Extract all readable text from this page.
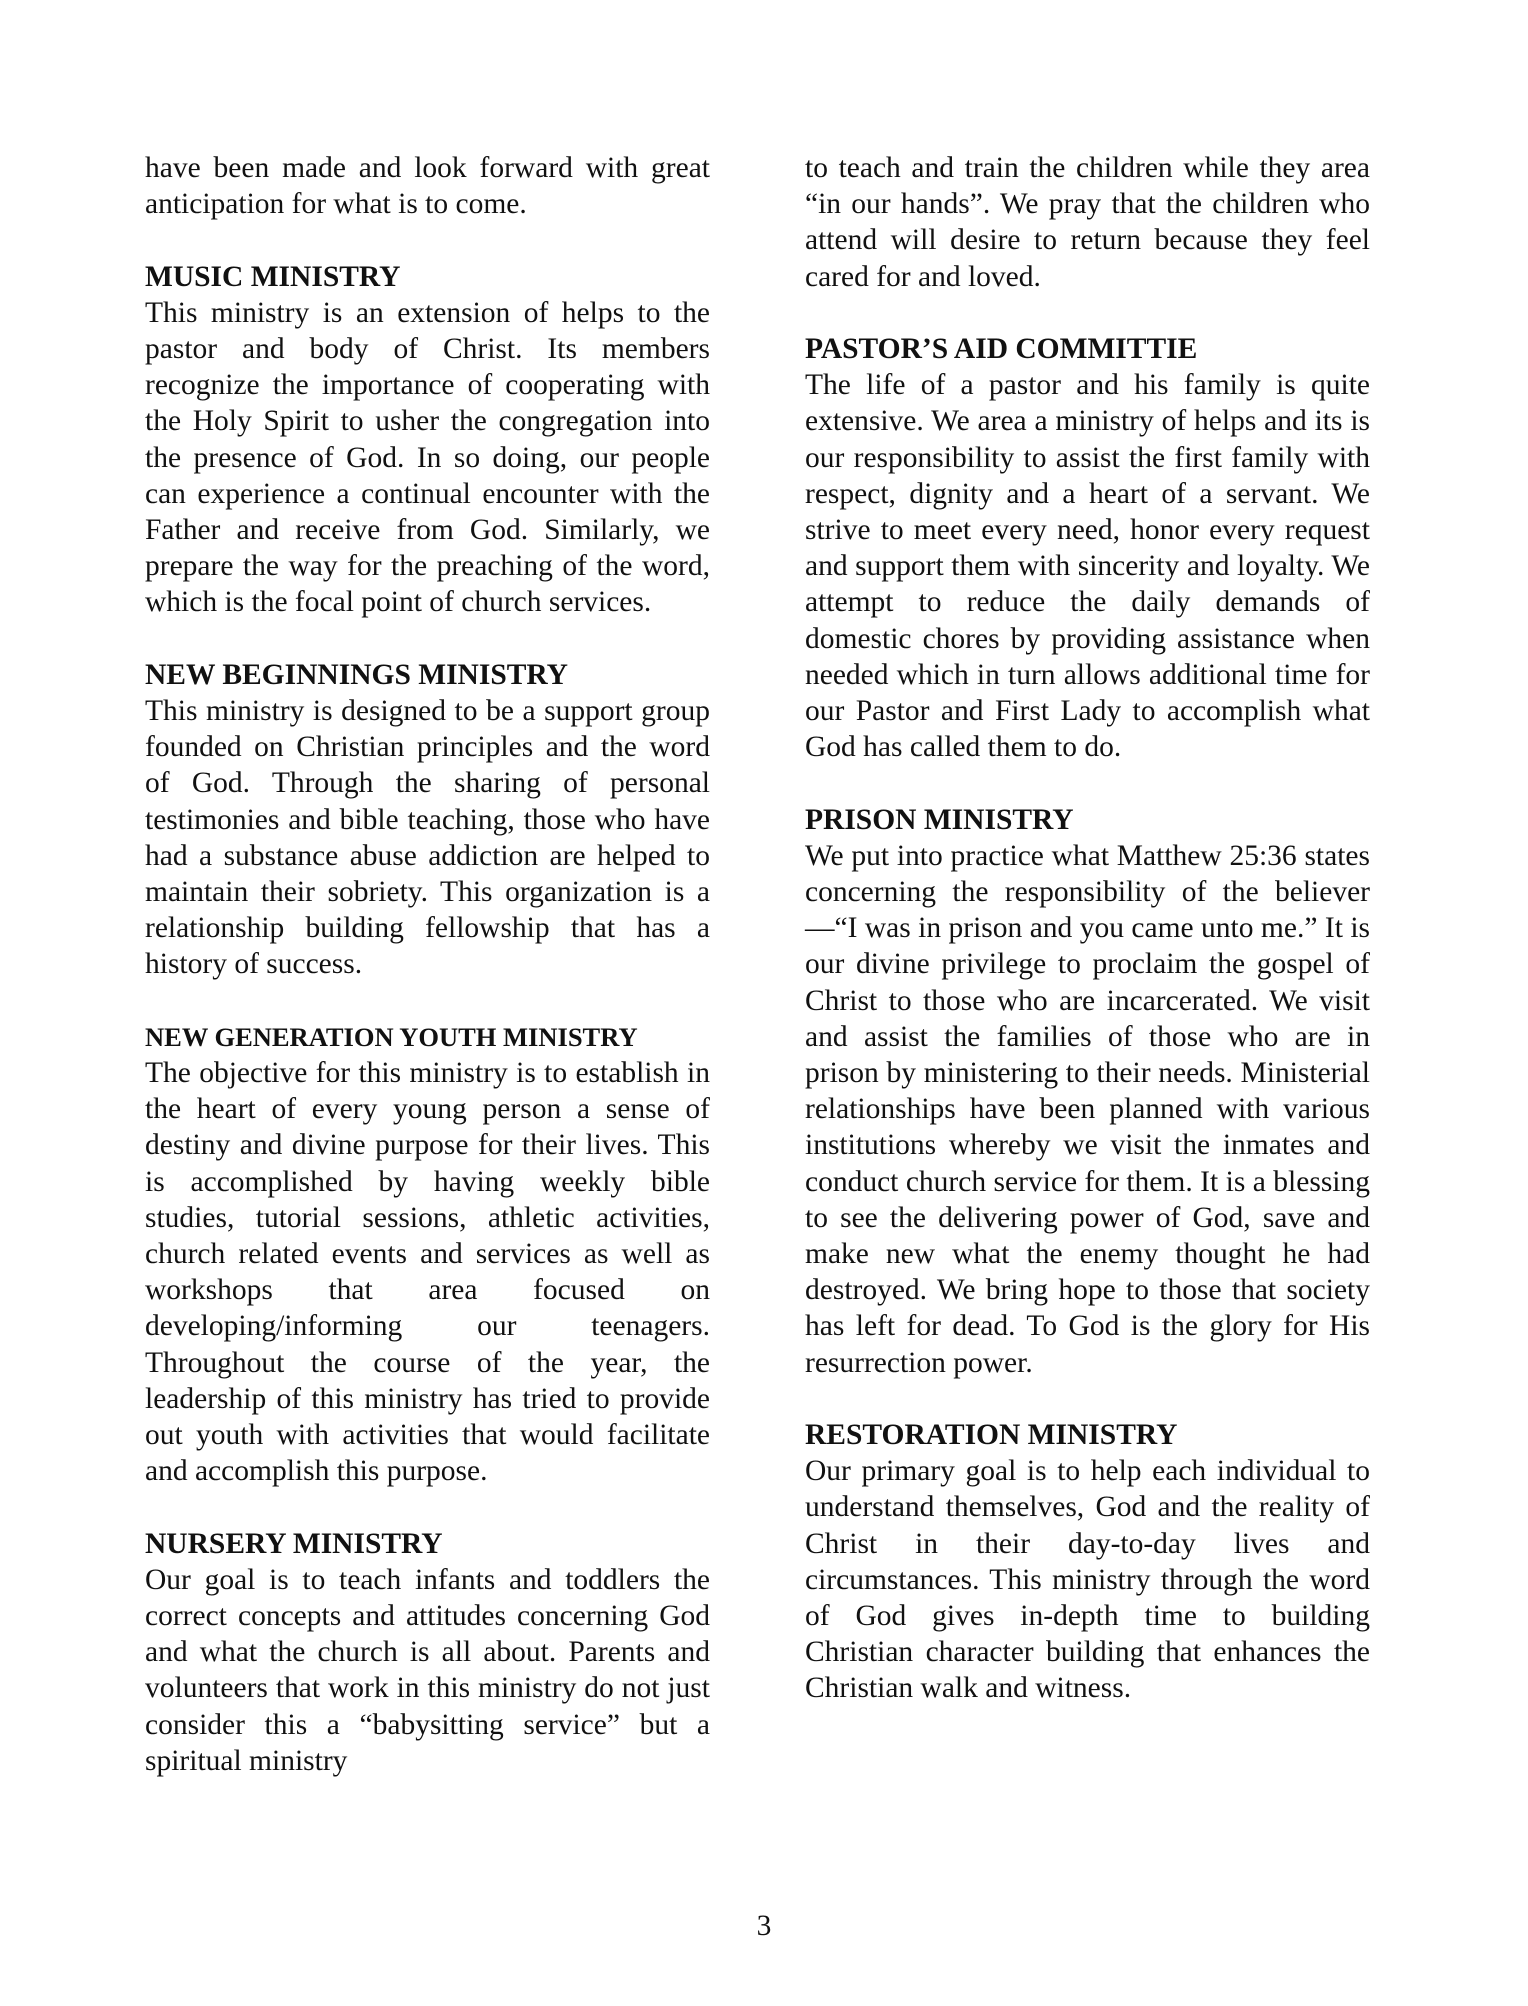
have been made and look forward with great anticipation for what is to come.

MUSIC MINISTRY

This ministry is an extension of helps to the pastor and body of Christ. Its members recognize the importance of cooperating with the Holy Spirit to usher the congregation into the presence of God. In so doing, our people can experience a continual encounter with the Father and receive from God. Similarly, we prepare the way for the preaching of the word, which is the focal point of church services.

NEW BEGINNINGS MINISTRY

This ministry is designed to be a support group founded on Christian principles and the word of God. Through the sharing of personal testimonies and bible teaching, those who have had a substance abuse addiction are helped to maintain their sobriety. This organization is a relationship building fellowship that has a history of success.

NEW GENERATION YOUTH MINISTRY

The objective for this ministry is to establish in the heart of every young person a sense of destiny and divine purpose for their lives. This is accomplished by having weekly bible studies, tutorial sessions, athletic activities, church related events and services as well as workshops that area focused on developing/informing our teenagers. Throughout the course of the year, the leadership of this ministry has tried to provide out youth with activities that would facilitate and accomplish this purpose.

NURSERY MINISTRY

Our goal is to teach infants and toddlers the correct concepts and attitudes concerning God and what the church is all about. Parents and volunteers that work in this ministry do not just consider this a “babysitting service” but a spiritual ministry

to teach and train the children while they area “in our hands”. We pray that the children who attend will desire to return because they feel cared for and loved.

PASTOR’S AID COMMITTIE

The life of a pastor and his family is quite extensive. We area a ministry of helps and its is our responsibility to assist the first family with respect, dignity and a heart of a servant. We strive to meet every need, honor every request and support them with sincerity and loyalty. We attempt to reduce the daily demands of domestic chores by providing assistance when needed which in turn allows additional time for our Pastor and First Lady to accomplish what God has called them to do.

PRISON MINISTRY

We put into practice what Matthew 25:36 states concerning the responsibility of the believer—“I was in prison and you came unto me.” It is our divine privilege to proclaim the gospel of Christ to those who are incarcerated. We visit and assist the families of those who are in prison by ministering to their needs. Ministerial relationships have been planned with various institutions whereby we visit the inmates and conduct church service for them. It is a blessing to see the delivering power of God, save and make new what the enemy thought he had destroyed. We bring hope to those that society has left for dead. To God is the glory for His resurrection power.

RESTORATION MINISTRY

Our primary goal is to help each individual to understand themselves, God and the reality of Christ in their day-to-day lives and circumstances. This ministry through the word of God gives in-depth time to building Christian character building that enhances the Christian walk and witness.

3
